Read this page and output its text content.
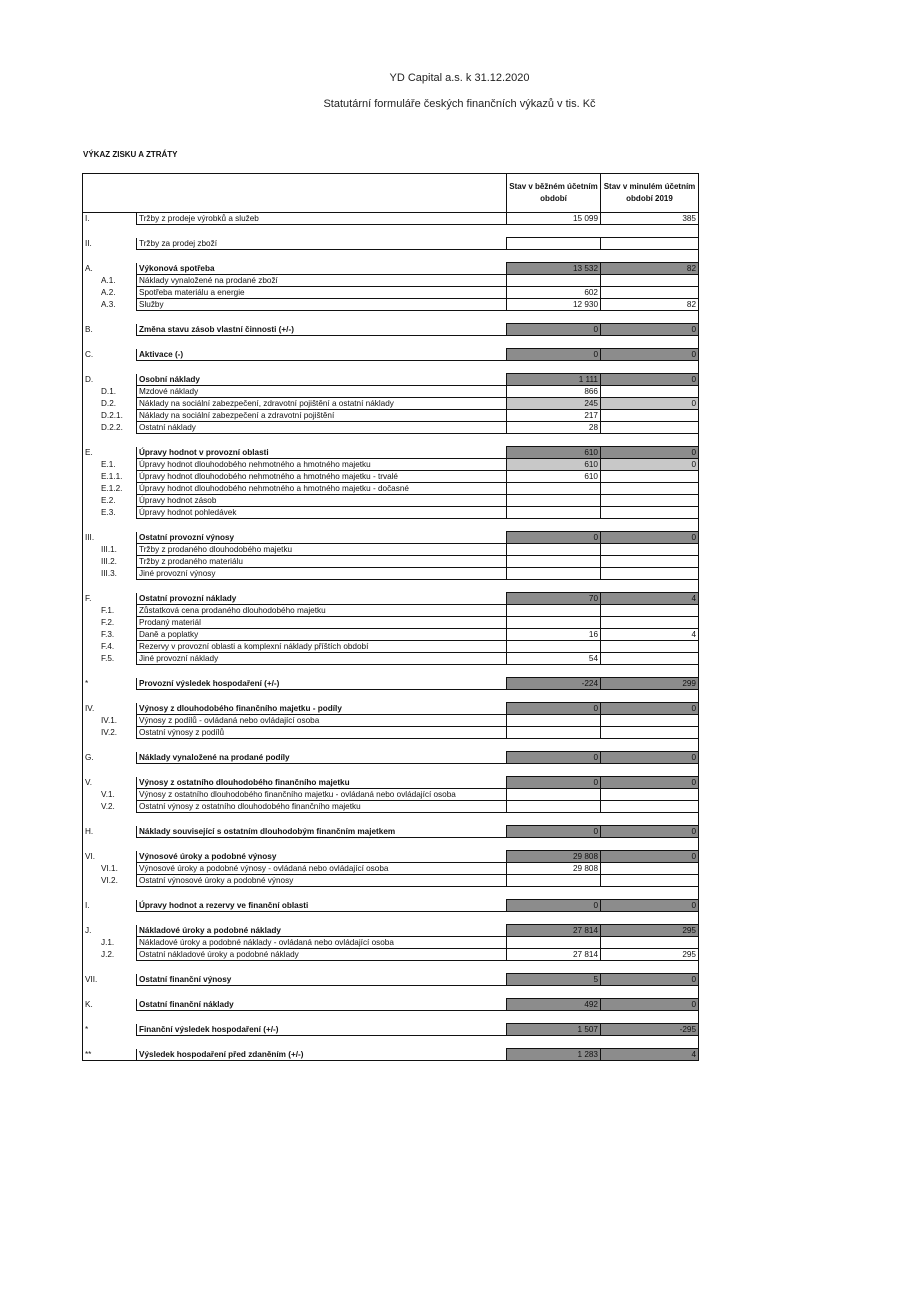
YD Capital a.s. k 31.12.2020
Statutární formuláře českých finančních výkazů v tis. Kč
VÝKAZ ZISKU A ZTRÁTY
		Stav v běžném účetním období	Stav v minulém účetním období 2019
I.	Tržby z prodeje výrobků a služeb	15 099	385

II.	Tržby za prodej zboží		

A.	Výkonová spotřeba	13 532	82
A.1.	Náklady vynaložené na prodané zboží		
A.2.	Spotřeba materiálu a energie	602	
A.3.	Služby	12 930	82

B.	Změna stavu zásob vlastní činnosti (+/-)	0	0

C.	Aktivace (-)	0	0

D.	Osobní náklady	1 111	0
D.1.	Mzdové náklady	866	
D.2.	Náklady na sociální zabezpečení, zdravotní pojištění a ostatní náklady	245	0
D.2.1.	Náklady na sociální zabezpečení a zdravotní pojištění	217	
D.2.2.	Ostatní náklady	28	

E.	Úpravy hodnot v provozní oblasti	610	0
E.1.	Úpravy hodnot dlouhodobého nehmotného a hmotného majetku	610	0
E.1.1.	Úpravy hodnot dlouhodobého nehmotného a hmotného majetku - trvalé	610	
E.1.2.	Úpravy hodnot dlouhodobého nehmotného a hmotného majetku - dočasné		
E.2.	Úpravy hodnot zásob		
E.3.	Úpravy hodnot pohledávek		

III.	Ostatní provozní výnosy	0	0
III.1.	Tržby z prodaného dlouhodobého majetku		
III.2.	Tržby z prodaného materiálu		
III.3.	Jiné provozní výnosy		

F.	Ostatní provozní náklady	70	4
F.1.	Zůstatková cena prodaného dlouhodobého majetku		
F.2.	Prodaný materiál		
F.3.	Daně a poplatky	16	4
F.4.	Rezervy v provozní oblasti a komplexní náklady příštích období		
F.5.	Jiné provozní náklady	54	

*	Provozní výsledek hospodaření (+/-)	-224	299

IV.	Výnosy z dlouhodobého finančního majetku - podíly	0	0
IV.1.	Výnosy z podílů - ovládaná nebo ovládající osoba		
IV.2.	Ostatní výnosy z podílů		

G.	Náklady vynaložené na prodané podíly	0	0

V.	Výnosy z ostatního dlouhodobého finančního majetku	0	0
V.1.	Výnosy z ostatního dlouhodobého finančního majetku - ovládaná nebo ovládající osoba		
V.2.	Ostatní výnosy z ostatního dlouhodobého finančního majetku		

H.	Náklady související s ostatním dlouhodobým finančním majetkem	0	0

VI.	Výnosové úroky a podobné výnosy	29 808	0
VI.1.	Výnosové úroky a podobné výnosy - ovládaná nebo ovládající osoba	29 808	
VI.2.	Ostatní výnosové úroky a podobné výnosy		

I.	Úpravy hodnot a rezervy ve finanční oblasti	0	0

J.	Nákladové úroky a podobné náklady	27 814	295
J.1.	Nákladové úroky a podobné náklady - ovládaná nebo ovládající osoba		
J.2.	Ostatní nákladové úroky a podobné náklady	27 814	295

VII.	Ostatní finanční výnosy	5	0

K.	Ostatní finanční náklady	492	0

*	Finanční výsledek hospodaření (+/-)	1 507	-295

**	Výsledek hospodaření před zdaněním (+/-)	1 283	4
